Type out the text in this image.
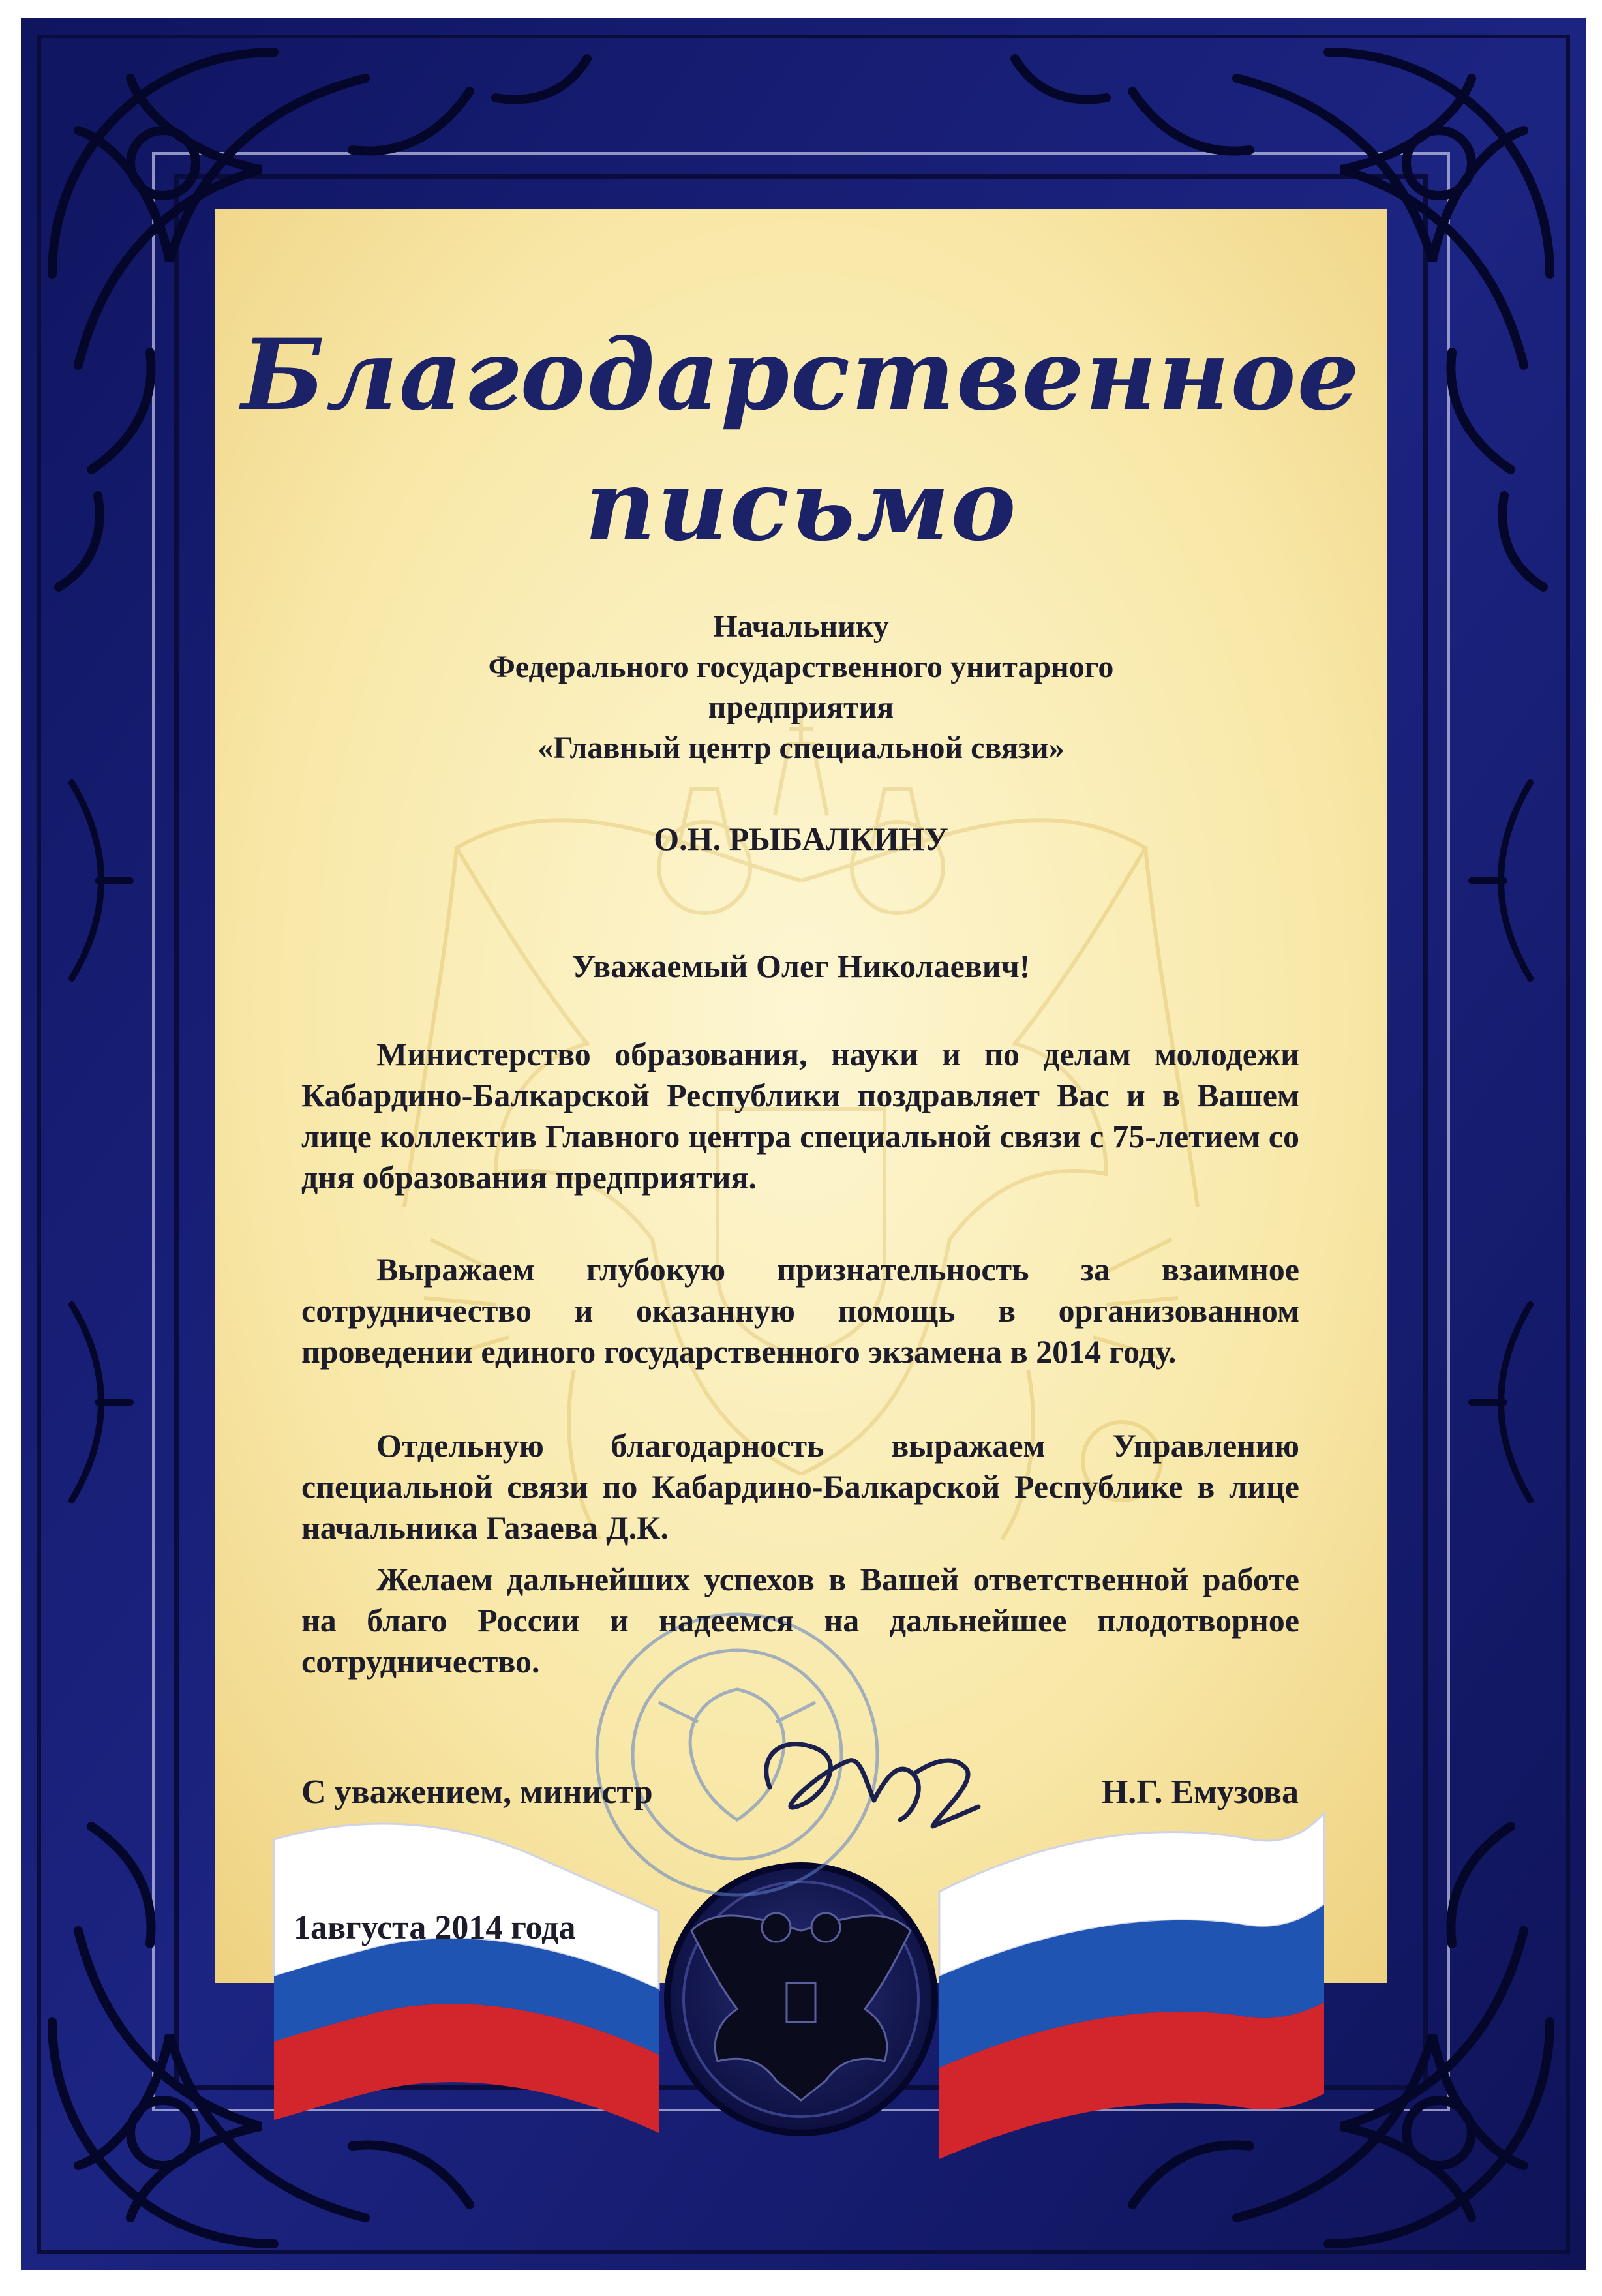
Благодарственное
письмо
Начальнику
Федерального государственного унитарного
предприятия
«Главный центр специальной связи»
О.Н. РЫБАЛКИНУ
Уважаемый Олег Николаевич!

Министерство образования, науки и по делам молодежи Кабардино-Балкарской Республики поздравляет Вас и в Вашем лице коллектив Главного центра специальной связи с 75-летием со дня образования предприятия.

Выражаем глубокую признательность за взаимное сотрудничество и оказанную помощь в организованном проведении единого государственного экзамена в 2014 году.

Отдельную благодарность выражаем Управлению специальной связи по Кабардино-Балкарской Республике в лице начальника Газаева Д.К.

Желаем дальнейших успехов в Вашей ответственной работе на благо России и надеемся на дальнейшее плодотворное сотрудничество.

С уважением, министр	Н.Г. Емузова
1августа 2014 года
